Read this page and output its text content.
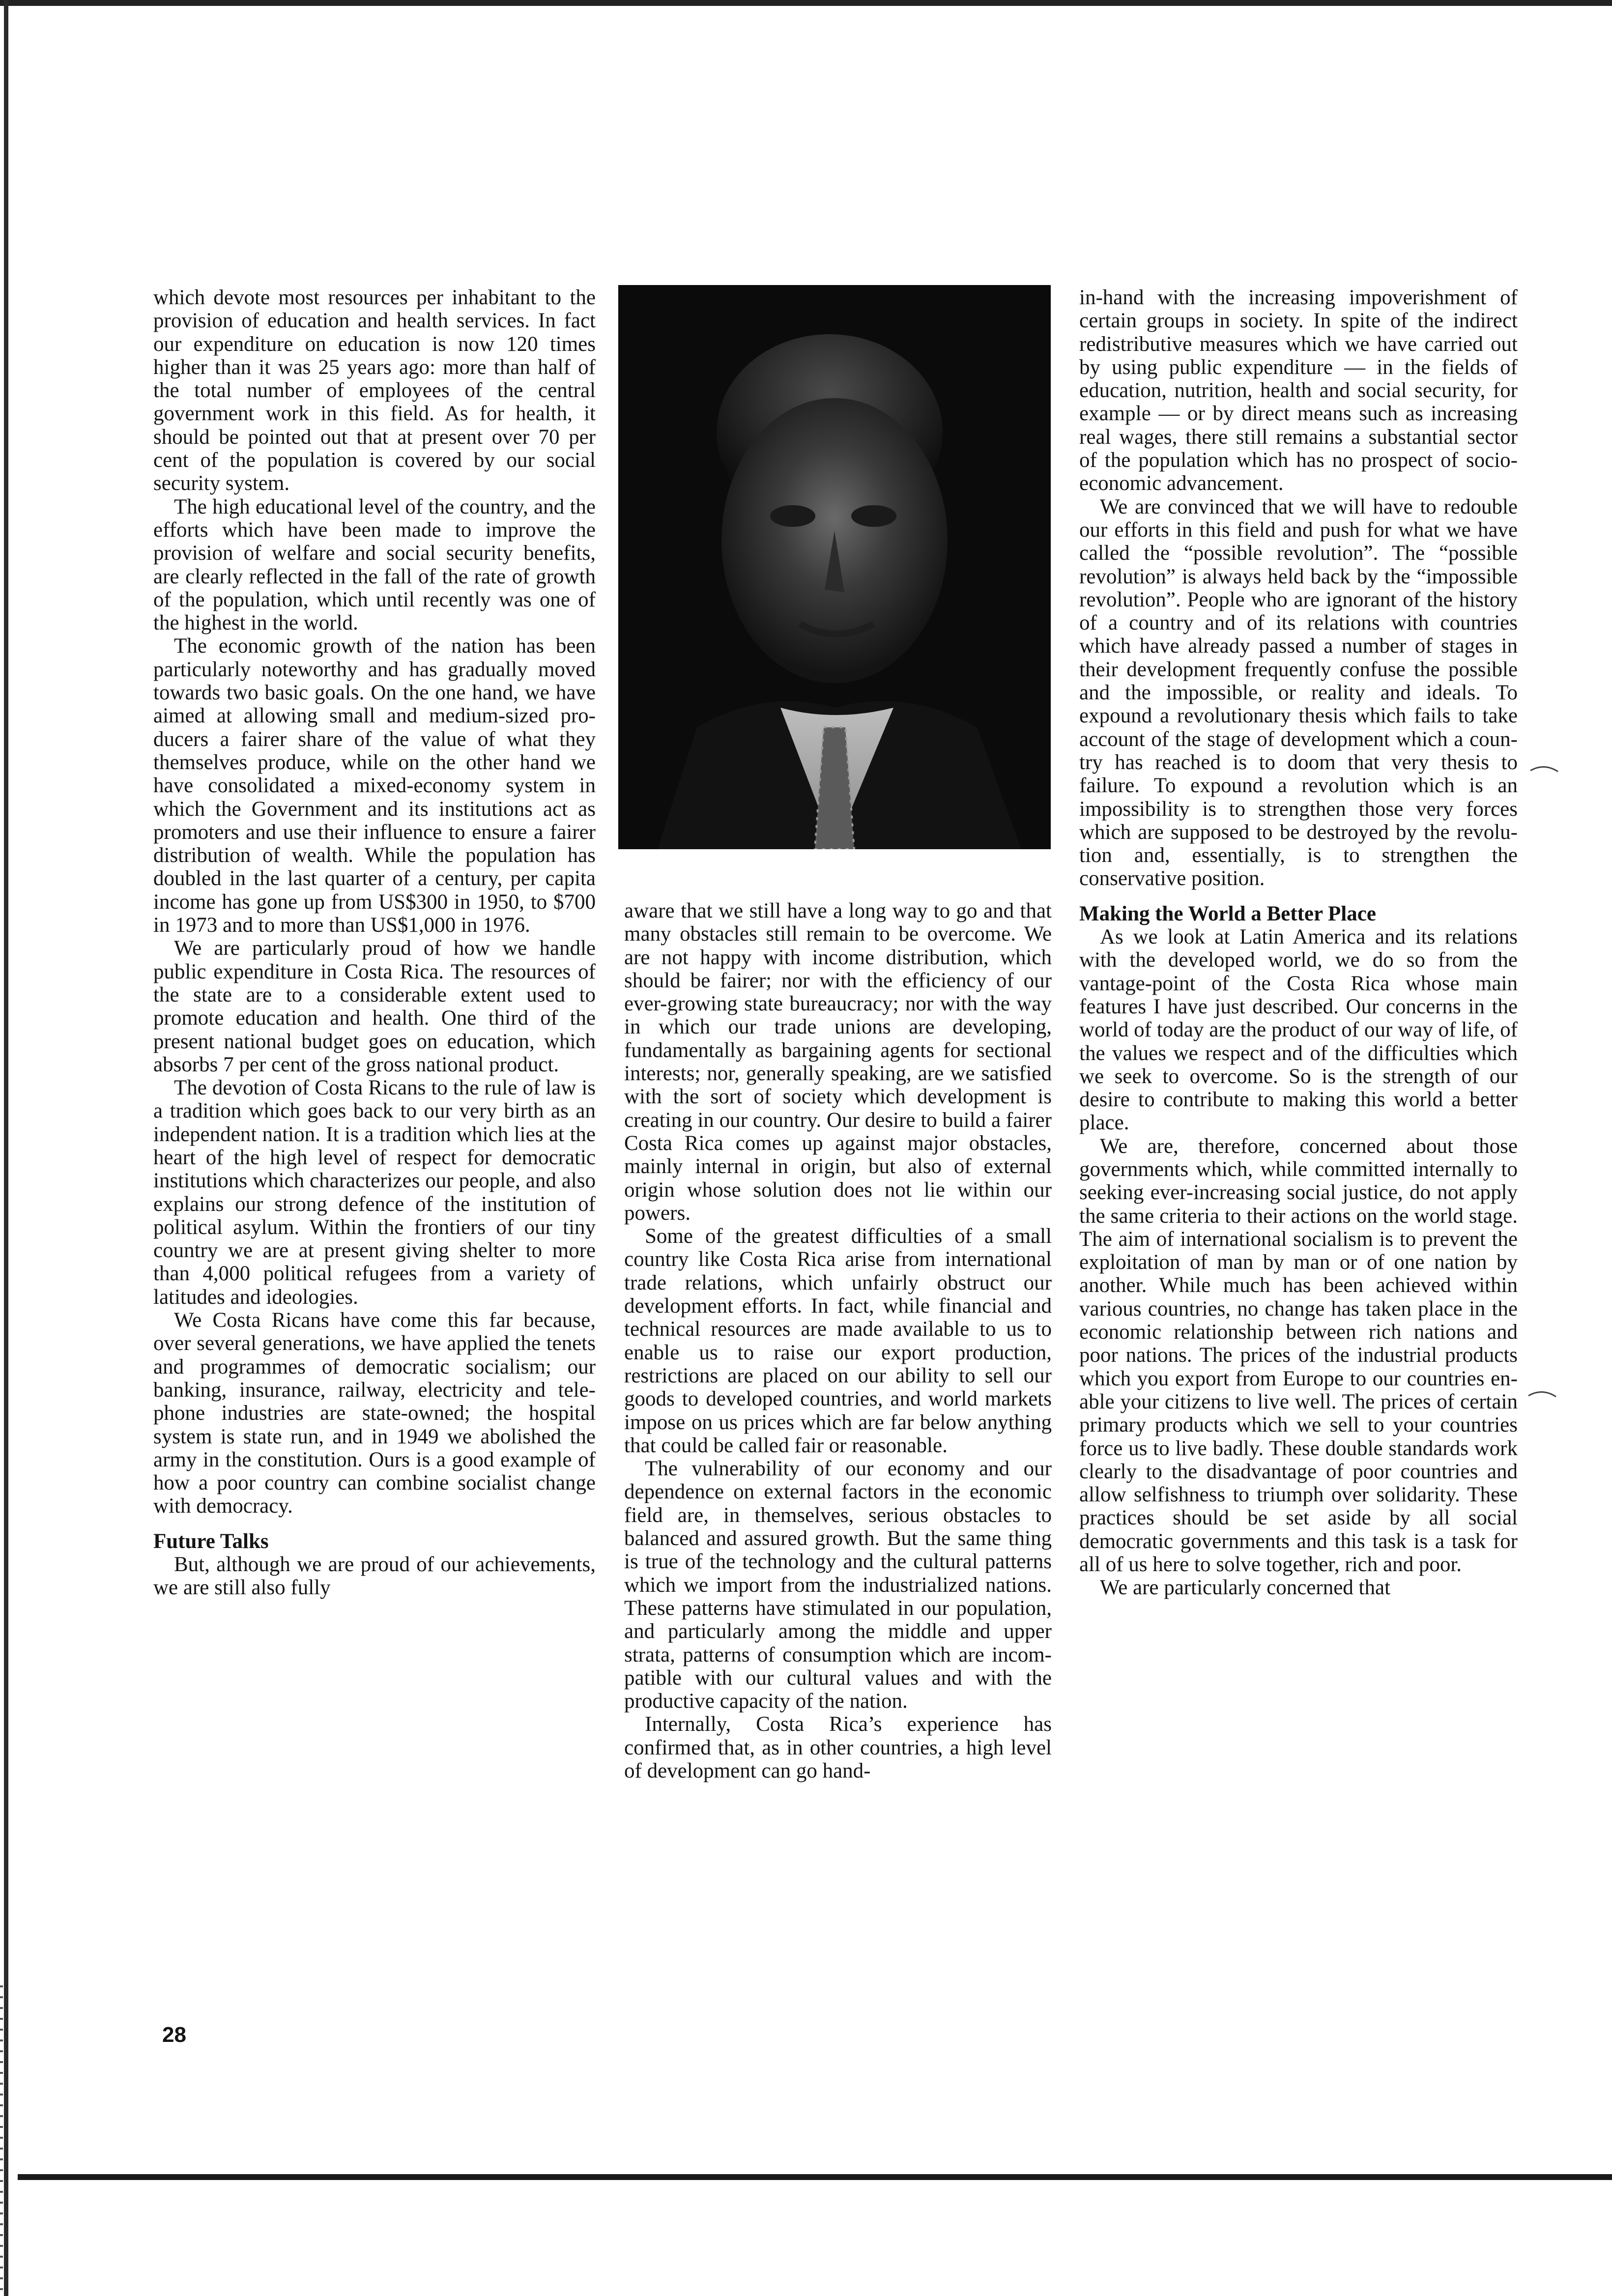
which devote most resources per inhabitant to the provision of education and health services. In fact our expenditure on education is now 120 times higher than it was 25 years ago: more than half of the total number of employees of the central government work in this field. As for health, it should be pointed out that at present over 70 per cent of the population is covered by our social security system.

The high educational level of the country, and the efforts which have been made to improve the provision of welfare and social security benefits, are clearly reflected in the fall of the rate of growth of the population, which until recently was one of the highest in the world.

The economic growth of the nation has been particularly noteworthy and has gradually moved towards two basic goals. On the one hand, we have aimed at allowing small and medium-sized producers a fairer share of the value of what they themselves produce, while on the other hand we have consolidated a mixed-economy system in which the Government and its institutions act as promoters and use their influence to ensure a fairer distribution of wealth. While the population has doubled in the last quarter of a century, per capita income has gone up from US$300 in 1950, to $700 in 1973 and to more than US$1,000 in 1976.

We are particularly proud of how we handle public expenditure in Costa Rica. The resources of the state are to a considerable extent used to promote education and health. One third of the present national budget goes on education, which absorbs 7 per cent of the gross national product.

The devotion of Costa Ricans to the rule of law is a tradition which goes back to our very birth as an independent nation. It is a tradition which lies at the heart of the high level of respect for democratic institutions which characterizes our people, and also explains our strong defence of the institution of political asylum. Within the frontiers of our tiny country we are at present giving shelter to more than 4,000 political refugees from a variety of latitudes and ideologies.

We Costa Ricans have come this far because, over several generations, we have applied the tenets and programmes of democratic socialism; our banking, insurance, railway, electricity and telephone industries are state-owned; the hospital system is state run, and in 1949 we abolished the army in the constitution. Ours is a good example of how a poor country can combine socialist change with democracy.

Future Talks

But, although we are proud of our achievements, we are still also fully

aware that we still have a long way to go and that many obstacles still remain to be overcome. We are not happy with income distribution, which should be fairer; nor with the efficiency of our ever-growing state bureaucracy; nor with the way in which our trade unions are developing, fundamentally as bargaining agents for sectional interests; nor, generally speaking, are we satisfied with the sort of society which development is creating in our country. Our desire to build a fairer Costa Rica comes up against major obstacles, mainly internal in origin, but also of external origin whose solution does not lie within our powers.

Some of the greatest difficulties of a small country like Costa Rica arise from international trade relations, which unfairly obstruct our development efforts. In fact, while financial and technical resources are made available to us to enable us to raise our export production, restrictions are placed on our ability to sell our goods to developed countries, and world markets impose on us prices which are far below anything that could be called fair or reasonable.

The vulnerability of our economy and our dependence on external factors in the economic field are, in themselves, serious obstacles to balanced and assured growth. But the same thing is true of the technology and the cultural patterns which we import from the industrialized nations. These patterns have stimulated in our population, and particularly among the middle and upper strata, patterns of consumption which are incompatible with our cultural values and with the productive capacity of the nation.

Internally, Costa Rica’s experience has confirmed that, as in other countries, a high level of development can go hand-

in-hand with the increasing impoverishment of certain groups in society. In spite of the indirect redistributive measures which we have carried out by using public expenditure — in the fields of education, nutrition, health and social security, for example — or by direct means such as increasing real wages, there still remains a substantial sector of the population which has no prospect of socio-economic advancement.

We are convinced that we will have to redouble our efforts in this field and push for what we have called the “possible revolution”. The “possible revolution” is always held back by the “impossible revolution”. People who are ignorant of the history of a country and of its relations with countries which have already passed a number of stages in their development frequently confuse the possible and the impossible, or reality and ideals. To expound a revolutionary thesis which fails to take account of the stage of development which a country has reached is to doom that very thesis to failure. To expound a revolution which is an impossibility is to strengthen those very forces which are supposed to be destroyed by the revolution and, essentially, is to strengthen the conservative position.

Making the World a Better Place

As we look at Latin America and its relations with the developed world, we do so from the vantage-point of the Costa Rica whose main features I have just described. Our concerns in the world of today are the product of our way of life, of the values we respect and of the difficulties which we seek to overcome. So is the strength of our desire to contribute to making this world a better place.

We are, therefore, concerned about those governments which, while committed internally to seeking ever-increasing social justice, do not apply the same criteria to their actions on the world stage. The aim of international socialism is to prevent the exploitation of man by man or of one nation by another. While much has been achieved within various countries, no change has taken place in the economic relationship between rich nations and poor nations. The prices of the industrial products which you export from Europe to our countries enable your citizens to live well. The prices of certain primary products which we sell to your countries force us to live badly. These double standards work clearly to the disadvantage of poor countries and allow selfishness to triumph over solidarity. These practices should be set aside by all social democratic governments and this task is a task for all of us here to solve together, rich and poor.

We are particularly concerned that

28
